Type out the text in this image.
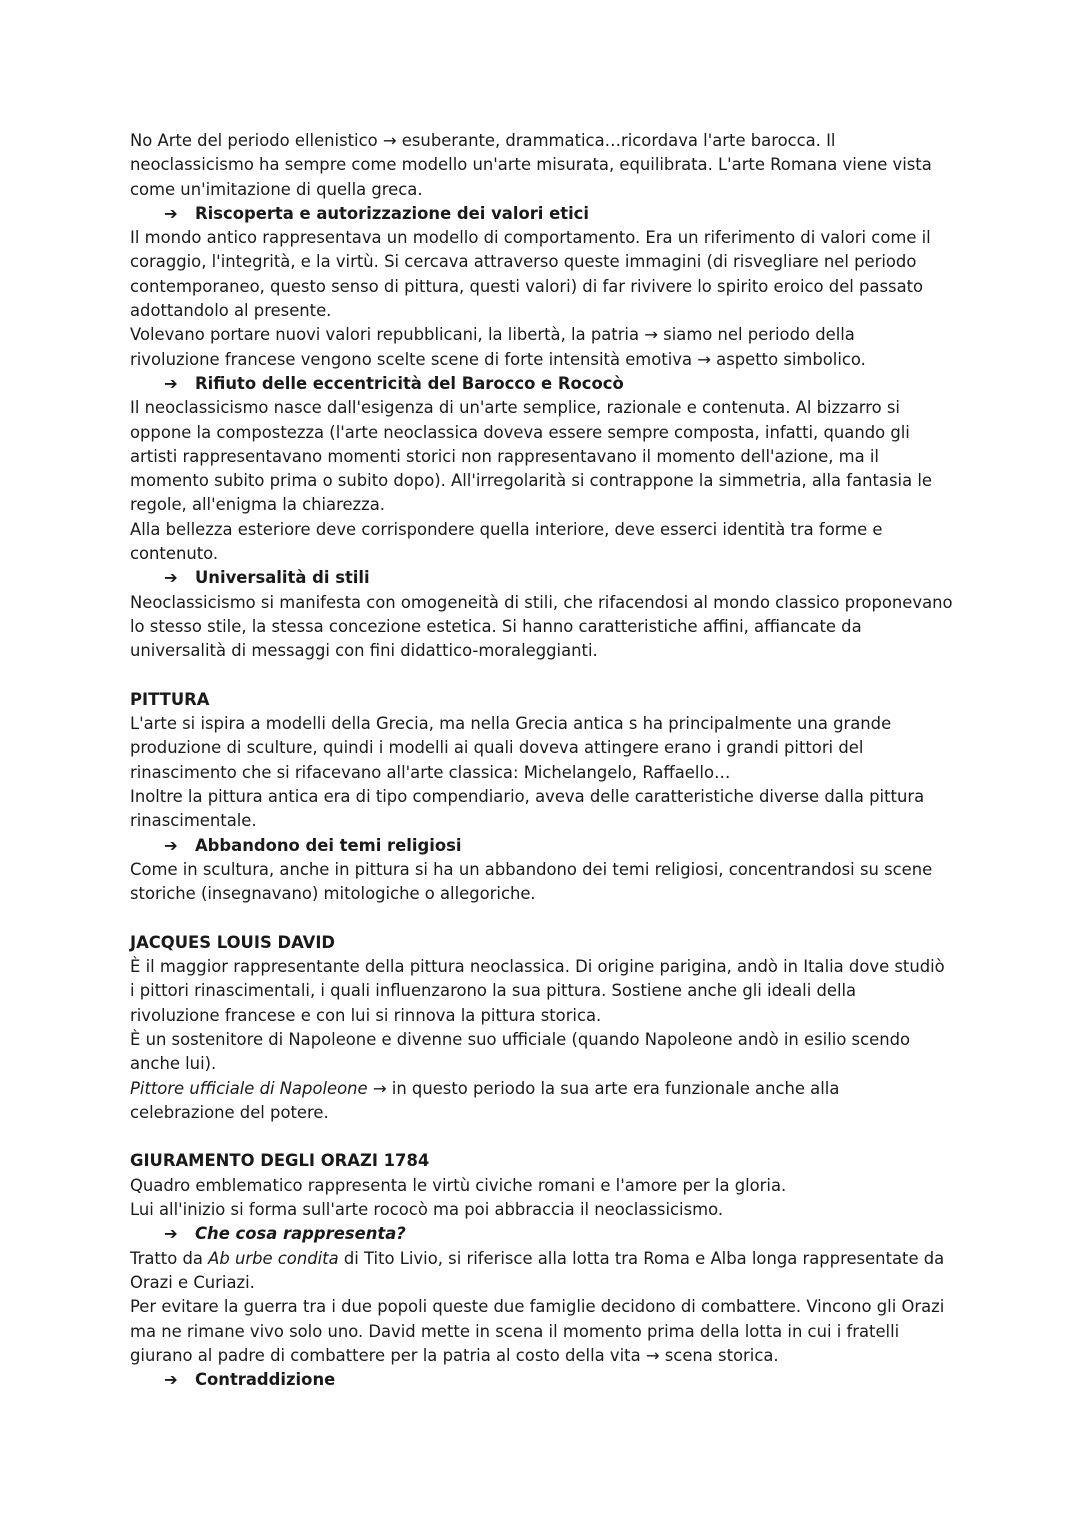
No Arte del periodo ellenistico → esuberante, drammatica…ricordava l'arte barocca. Il
neoclassicismo ha sempre come modello un'arte misurata, equilibrata. L'arte Romana viene vista
come un'imitazione di quella greca.
➔ Riscoperta e autorizzazione dei valori etici
Il mondo antico rappresentava un modello di comportamento. Era un riferimento di valori come il
coraggio, l'integrità, e la virtù. Si cercava attraverso queste immagini (di risvegliare nel periodo
contemporaneo, questo senso di pittura, questi valori) di far rivivere lo spirito eroico del passato
adottandolo al presente.
Volevano portare nuovi valori repubblicani, la libertà, la patria → siamo nel periodo della
rivoluzione francese vengono scelte scene di forte intensità emotiva → aspetto simbolico.
➔ Rifiuto delle eccentricità del Barocco e Rococò
Il neoclassicismo nasce dall'esigenza di un'arte semplice, razionale e contenuta. Al bizzarro si
oppone la compostezza (l'arte neoclassica doveva essere sempre composta, infatti, quando gli
artisti rappresentavano momenti storici non rappresentavano il momento dell'azione, ma il
momento subito prima o subito dopo). All'irregolarità si contrappone la simmetria, alla fantasia le
regole, all'enigma la chiarezza.
Alla bellezza esteriore deve corrispondere quella interiore, deve esserci identità tra forme e
contenuto.
➔ Universalità di stili
Neoclassicismo si manifesta con omogeneità di stili, che rifacendosi al mondo classico proponevano
lo stesso stile, la stessa concezione estetica. Si hanno caratteristiche affini, affiancate da
universalità di messaggi con fini didattico-moraleggianti.
PITTURA
L'arte si ispira a modelli della Grecia, ma nella Grecia antica s ha principalmente una grande
produzione di sculture, quindi i modelli ai quali doveva attingere erano i grandi pittori del
rinascimento che si rifacevano all'arte classica: Michelangelo, Raffaello…
Inoltre la pittura antica era di tipo compendiario, aveva delle caratteristiche diverse dalla pittura
rinascimentale.
➔ Abbandono dei temi religiosi
Come in scultura, anche in pittura si ha un abbandono dei temi religiosi, concentrandosi su scene
storiche (insegnavano) mitologiche o allegoriche.
JACQUES LOUIS DAVID
È il maggior rappresentante della pittura neoclassica. Di origine parigina, andò in Italia dove studiò
i pittori rinascimentali, i quali influenzarono la sua pittura. Sostiene anche gli ideali della
rivoluzione francese e con lui si rinnova la pittura storica.
È un sostenitore di Napoleone e divenne suo ufficiale (quando Napoleone andò in esilio scendo
anche lui).
Pittore ufficiale di Napoleone → in questo periodo la sua arte era funzionale anche alla
celebrazione del potere.
GIURAMENTO DEGLI ORAZI 1784
Quadro emblematico rappresenta le virtù civiche romani e l'amore per la gloria.
Lui all'inizio si forma sull'arte rococò ma poi abbraccia il neoclassicismo.
➔ Che cosa rappresenta?
Tratto da Ab urbe condita di Tito Livio, si riferisce alla lotta tra Roma e Alba longa rappresentate da
Orazi e Curiazi.
Per evitare la guerra tra i due popoli queste due famiglie decidono di combattere. Vincono gli Orazi
ma ne rimane vivo solo uno. David mette in scena il momento prima della lotta in cui i fratelli
giurano al padre di combattere per la patria al costo della vita → scena storica.
➔ Contraddizione
